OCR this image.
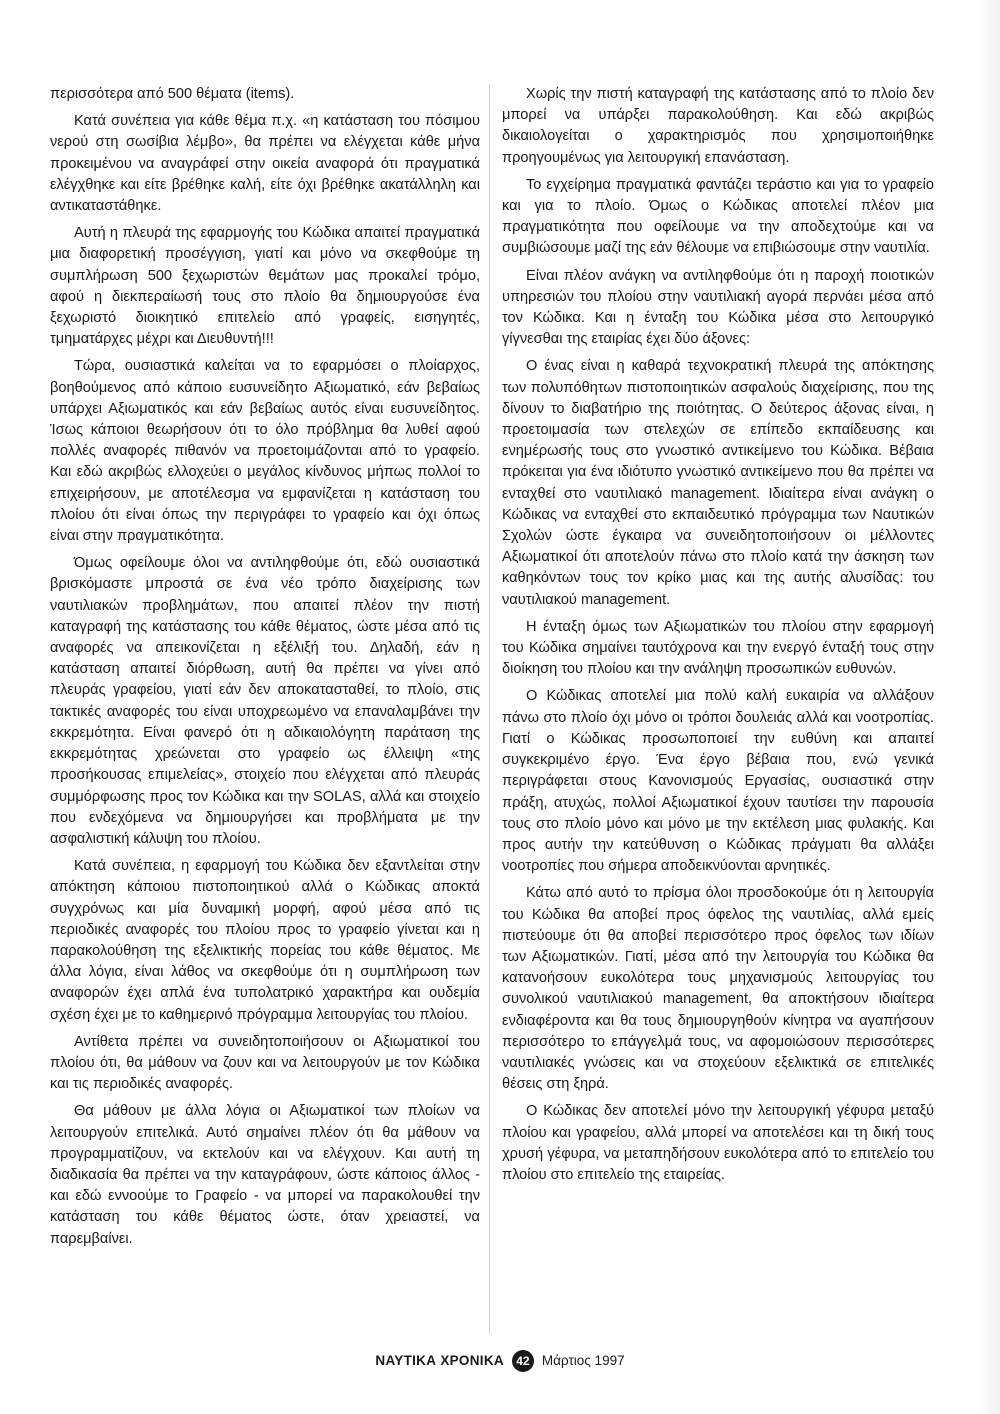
περισσότερα από 500 θέματα (items).

Κατά συνέπεια για κάθε θέμα π.χ. «η κατάσταση του πόσιμου νερού στη σωσίβια λέμβο», θα πρέπει να ελέγχεται κάθε μήνα προκειμένου να αναγράφεί στην οικεία αναφορά ότι πραγματικά ελέγχθηκε και είτε βρέθηκε καλή, είτε όχι βρέθηκε ακατάλληλη και αντικαταστάθηκε.

Αυτή η πλευρά της εφαρμογής του Κώδικα απαιτεί πραγματικά μια διαφορετική προσέγγιση, γιατί και μόνο να σκεφθούμε τη συμπλήρωση 500 ξεχωριστών θεμάτων μας προκαλεί τρόμο, αφού η διεκπεραίωσή τους στο πλοίο θα δημιουργούσε ένα ξεχωριστό διοικητικό επιτελείο από γραφείς, εισηγητές, τμηματάρχες μέχρι και Διευθυντή!!!

Τώρα, ουσιαστικά καλείται να το εφαρμόσει ο πλοίαρχος, βοηθούμενος από κάποιο ευσυνείδητο Αξιωματικό, εάν βεβαίως υπάρχει Αξιωματικός και εάν βεβαίως αυτός είναι ευσυνείδητος. Ίσως κάποιοι θεωρήσουν ότι το όλο πρόβλημα θα λυθεί αφού πολλές αναφορές πιθανόν να προετοιμάζονται από το γραφείο. Και εδώ ακριβώς ελλοχεύει ο μεγάλος κίνδυνος μήπως πολλοί το επιχειρήσουν, με αποτέλεσμα να εμφανίζεται η κατάσταση του πλοίου ότι είναι όπως την περιγράφει το γραφείο και όχι όπως είναι στην πραγματικότητα.

Όμως οφείλουμε όλοι να αντιληφθούμε ότι, εδώ ουσιαστικά βρισκόμαστε μπροστά σε ένα νέο τρόπο διαχείρισης των ναυτιλιακών προβλημάτων, που απαιτεί πλέον την πιστή καταγραφή της κατάστασης του κάθε θέματος, ώστε μέσα από τις αναφορές να απεικονίζεται η εξέλιξή του. Δηλαδή, εάν η κατάσταση απαιτεί διόρθωση, αυτή θα πρέπει να γίνει από πλευράς γραφείου, γιατί εάν δεν αποκατασταθεί, το πλοίο, στις τακτικές αναφορές του είναι υποχρεωμένο να επαναλαμβάνει την εκκρεμότητα. Είναι φανερό ότι η αδικαιολόγητη παράταση της εκκρεμότητας χρεώνεται στο γραφείο ως έλλειψη «της προσήκουσας επιμελείας», στοιχείο που ελέγχεται από πλευράς συμμόρφωσης προς τον Κώδικα και την SOLAS, αλλά και στοιχείο που ενδεχόμενα να δημιουργήσει και προβλήματα με την ασφαλιστική κάλυψη του πλοίου.

Κατά συνέπεια, η εφαρμογή του Κώδικα δεν εξαντλείται στην απόκτηση κάποιου πιστοποιητικού αλλά ο Κώδικας αποκτά συγχρόνως και μία δυναμική μορφή, αφού μέσα από τις περιοδικές αναφορές του πλοίου προς το γραφείο γίνεται και η παρακολούθηση της εξελικτικής πορείας του κάθε θέματος. Με άλλα λόγια, είναι λάθος να σκεφθούμε ότι η συμπλήρωση των αναφορών έχει απλά ένα τυπολατρικό χαρακτήρα και ουδεμία σχέση έχει με το καθημερινό πρόγραμμα λειτουργίας του πλοίου.

Αντίθετα πρέπει να συνειδητοποιήσουν οι Αξιωματικοί του πλοίου ότι, θα μάθουν να ζουν και να λειτουργούν με τον Κώδικα και τις περιοδικές αναφορές.

Θα μάθουν με άλλα λόγια οι Αξιωματικοί των πλοίων να λειτουργούν επιτελικά. Αυτό σημαίνει πλέον ότι θα μάθουν να προγραμματίζουν, να εκτελούν και να ελέγχουν. Και αυτή τη διαδικασία θα πρέπει να την καταγράφουν, ώστε κάποιος άλλος - και εδώ εννοούμε το Γραφείο - να μπορεί να παρακολουθεί την κατάσταση του κάθε θέματος ώστε, όταν χρειαστεί, να παρεμβαίνει.

Χωρίς την πιστή καταγραφή της κατάστασης από το πλοίο δεν μπορεί να υπάρξει παρακολούθηση. Και εδώ ακριβώς δικαιολογείται ο χαρακτηρισμός που χρησιμοποιήθηκε προηγουμένως για λειτουργική επανάσταση.

Το εγχείρημα πραγματικά φαντάζει τεράστιο και για το γραφείο και για το πλοίο. Όμως ο Κώδικας αποτελεί πλέον μια πραγματικότητα που οφείλουμε να την αποδεχτούμε και να συμβιώσουμε μαζί της εάν θέλουμε να επιβιώσουμε στην ναυτιλία.

Είναι πλέον ανάγκη να αντιληφθούμε ότι η παροχή ποιοτικών υπηρεσιών του πλοίου στην ναυτιλιακή αγορά περνάει μέσα από τον Κώδικα. Και η ένταξη του Κώδικα μέσα στο λειτουργικό γίγνεσθαι της εταιρίας έχει δύο άξονες:

Ο ένας είναι η καθαρά τεχνοκρατική πλευρά της απόκτησης των πολυπόθητων πιστοποιητικών ασφαλούς διαχείρισης, που της δίνουν το διαβατήριο της ποιότητας. Ο δεύτερος άξονας είναι, η προετοιμασία των στελεχών σε επίπεδο εκπαίδευσης και ενημέρωσής τους στο γνωστικό αντικείμενο του Κώδικα. Βέβαια πρόκειται για ένα ιδιότυπο γνωστικό αντικείμενο που θα πρέπει να ενταχθεί στο ναυτιλιακό management. Ιδιαίτερα είναι ανάγκη ο Κώδικας να ενταχθεί στο εκπαιδευτικό πρόγραμμα των Ναυτικών Σχολών ώστε έγκαιρα να συνειδητοποιήσουν οι μέλλοντες Αξιωματικοί ότι αποτελούν πάνω στο πλοίο κατά την άσκηση των καθηκόντων τους τον κρίκο μιας και της αυτής αλυσίδας: του ναυτιλιακού management.

Η ένταξη όμως των Αξιωματικών του πλοίου στην εφαρμογή του Κώδικα σημαίνει ταυτόχρονα και την ενεργό ένταξή τους στην διοίκηση του πλοίου και την ανάληψη προσωπικών ευθυνών.

Ο Κώδικας αποτελεί μια πολύ καλή ευκαιρία να αλλάξουν πάνω στο πλοίο όχι μόνο οι τρόποι δουλειάς αλλά και νοοτροπίας. Γιατί ο Κώδικας προσωποποιεί την ευθύνη και απαιτεί συγκεκριμένο έργο. Ένα έργο βέβαια που, ενώ γενικά περιγράφεται στους Κανονισμούς Εργασίας, ουσιαστικά στην πράξη, ατυχώς, πολλοί Αξιωματικοί έχουν ταυτίσει την παρουσία τους στο πλοίο μόνο και μόνο με την εκτέλεση μιας φυλακής. Και προς αυτήν την κατεύθυνση ο Κώδικας πράγματι θα αλλάξει νοοτροπίες που σήμερα αποδεικνύονται αρνητικές.

Κάτω από αυτό το πρίσμα όλοι προσδοκούμε ότι η λειτουργία του Κώδικα θα αποβεί προς όφελος της ναυτιλίας, αλλά εμείς πιστεύουμε ότι θα αποβεί περισσότερο προς όφελος των ιδίων των Αξιωματικών. Γιατί, μέσα από την λειτουργία του Κώδικα θα κατανοήσουν ευκολότερα τους μηχανισμούς λειτουργίας του συνολικού ναυτιλιακού management, θα αποκτήσουν ιδιαίτερα ενδιαφέροντα και θα τους δημιουργηθούν κίνητρα να αγαπήσουν περισσότερο το επάγγελμά τους, να αφομοιώσουν περισσότερες ναυτιλιακές γνώσεις και να στοχεύουν εξελικτικά σε επιτελικές θέσεις στη ξηρά.

Ο Κώδικας δεν αποτελεί μόνο την λειτουργική γέφυρα μεταξύ πλοίου και γραφείου, αλλά μπορεί να αποτελέσει και τη δική τους χρυσή γέφυρα, να μεταπηδήσουν ευκολότερα από το επιτελείο του πλοίου στο επιτελείο της εταιρείας.

ΝΑΥΤΙΚΑ ΧΡΟΝΙΚΑ	42 Μάρτιος 1997
